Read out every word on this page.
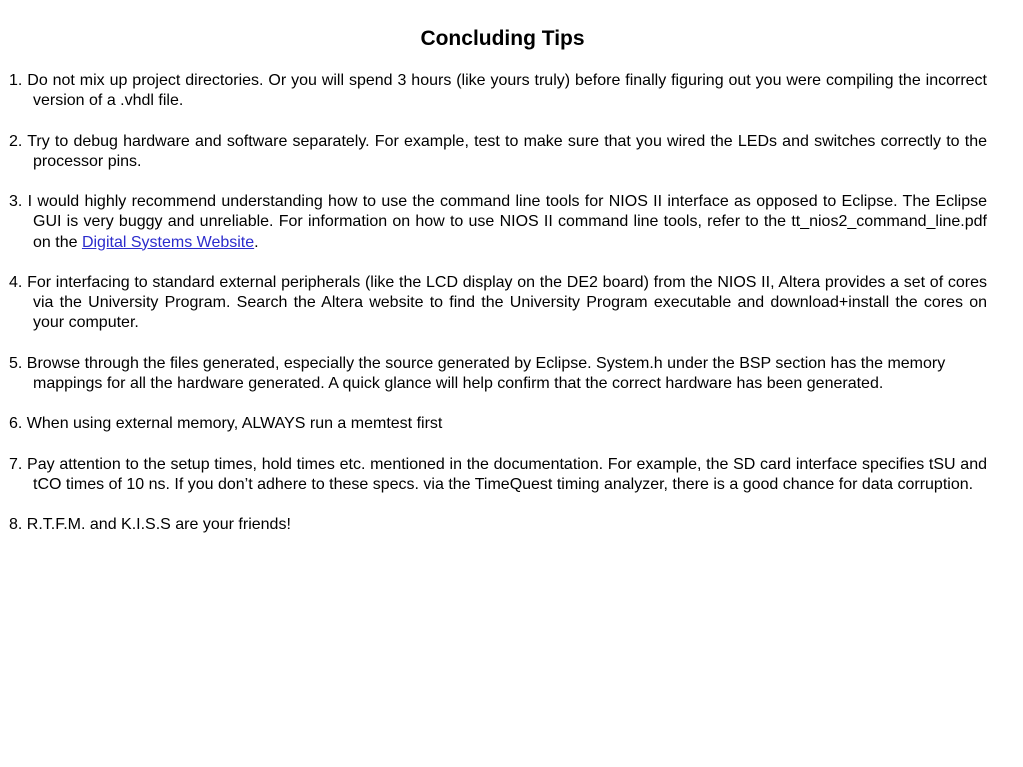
Concluding Tips
1. Do not mix up project directories. Or you will spend 3 hours (like yours truly) before finally figuring out you were compiling the incorrect version of a .vhdl file.
2. Try to debug hardware and software separately. For example, test to make sure that you wired the LEDs and switches correctly to the processor pins.
3. I would highly recommend understanding how to use the command line tools for NIOS II interface as opposed to Eclipse. The Eclipse GUI is very buggy and unreliable. For information on how to use NIOS II command line tools, refer to the tt_nios2_command_line.pdf on the Digital Systems Website.
4. For interfacing to standard external peripherals (like the LCD display on the DE2 board) from the NIOS II, Altera provides a set of cores via the University Program. Search the Altera website to find the University Program executable and download+install the cores on your computer.
5. Browse through the files generated, especially the source generated by Eclipse. System.h under the BSP section has the memory mappings for all the hardware generated. A quick glance will help confirm that the correct hardware has been generated.
6. When using external memory, ALWAYS run a memtest first
7. Pay attention to the setup times, hold times etc. mentioned in the documentation. For example, the SD card interface specifies tSU and tCO times of 10 ns. If you don’t adhere to these specs. via the TimeQuest timing analyzer, there is a good chance for data corruption.
8. R.T.F.M. and K.I.S.S are your friends!
